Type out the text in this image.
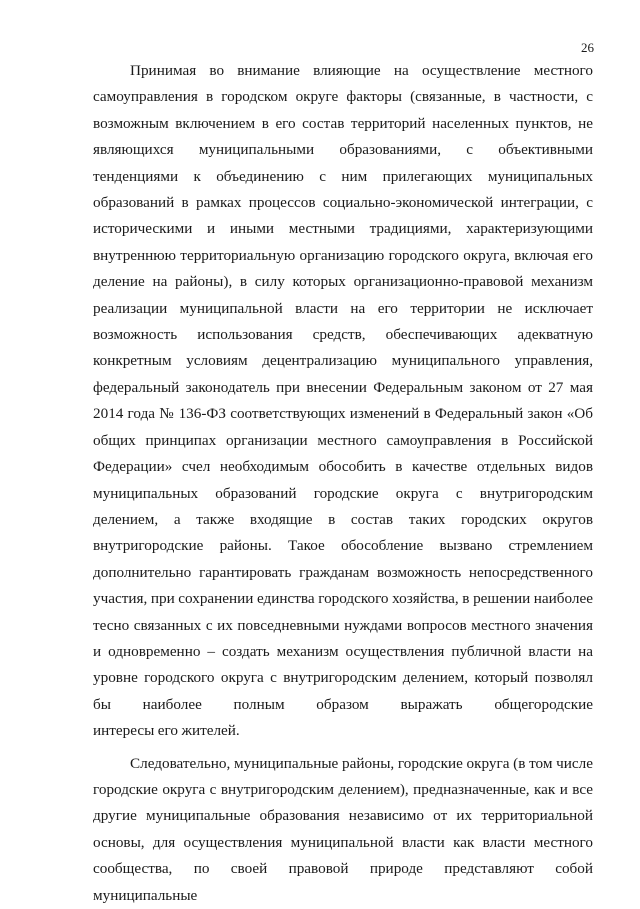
26

Принимая во внимание влияющие на осуществление местного самоуправления в городском округе факторы (связанные, в частности, с возможным включением в его состав территорий населенных пунктов, не являющихся муниципальными образованиями, с объективными тенденциями к объединению с ним прилегающих муниципальных образований в рамках процессов социально-экономической интеграции, с историческими и иными местными традициями, характеризующими внутреннюю территориальную организацию городского округа, включая его деление на районы), в силу которых организационно-правовой механизм реализации муниципальной власти на его территории не исключает возможность использования средств, обеспечивающих адекватную конкретным условиям децентрализацию муниципального управления, федеральный законодатель при внесении Федеральным законом от 27 мая 2014 года № 136-ФЗ соответствующих изменений в Федеральный закон «Об общих принципах организации местного самоуправления в Российской Федерации» счел необходимым обособить в качестве отдельных видов муниципальных образований городские округа с внутригородским делением, а также входящие в состав таких городских округов внутригородские районы. Такое обособление вызвано стремлением дополнительно гарантировать гражданам возможность непосредственного участия, при сохранении единства городского хозяйства, в решении наиболее тесно связанных с их повседневными нуждами вопросов местного значения и одновременно – создать механизм осуществления публичной власти на уровне городского округа с внутригородским делением, который позволял бы наиболее полным образом выражать общегородские
интересы его жителей.

Следовательно, муниципальные районы, городские округа (в том числе городские округа с внутригородским делением), предназначенные, как и все другие муниципальные образования независимо от их территориальной основы, для осуществления муниципальной власти как власти местного сообщества, по своей правовой природе представляют собой муниципальные
